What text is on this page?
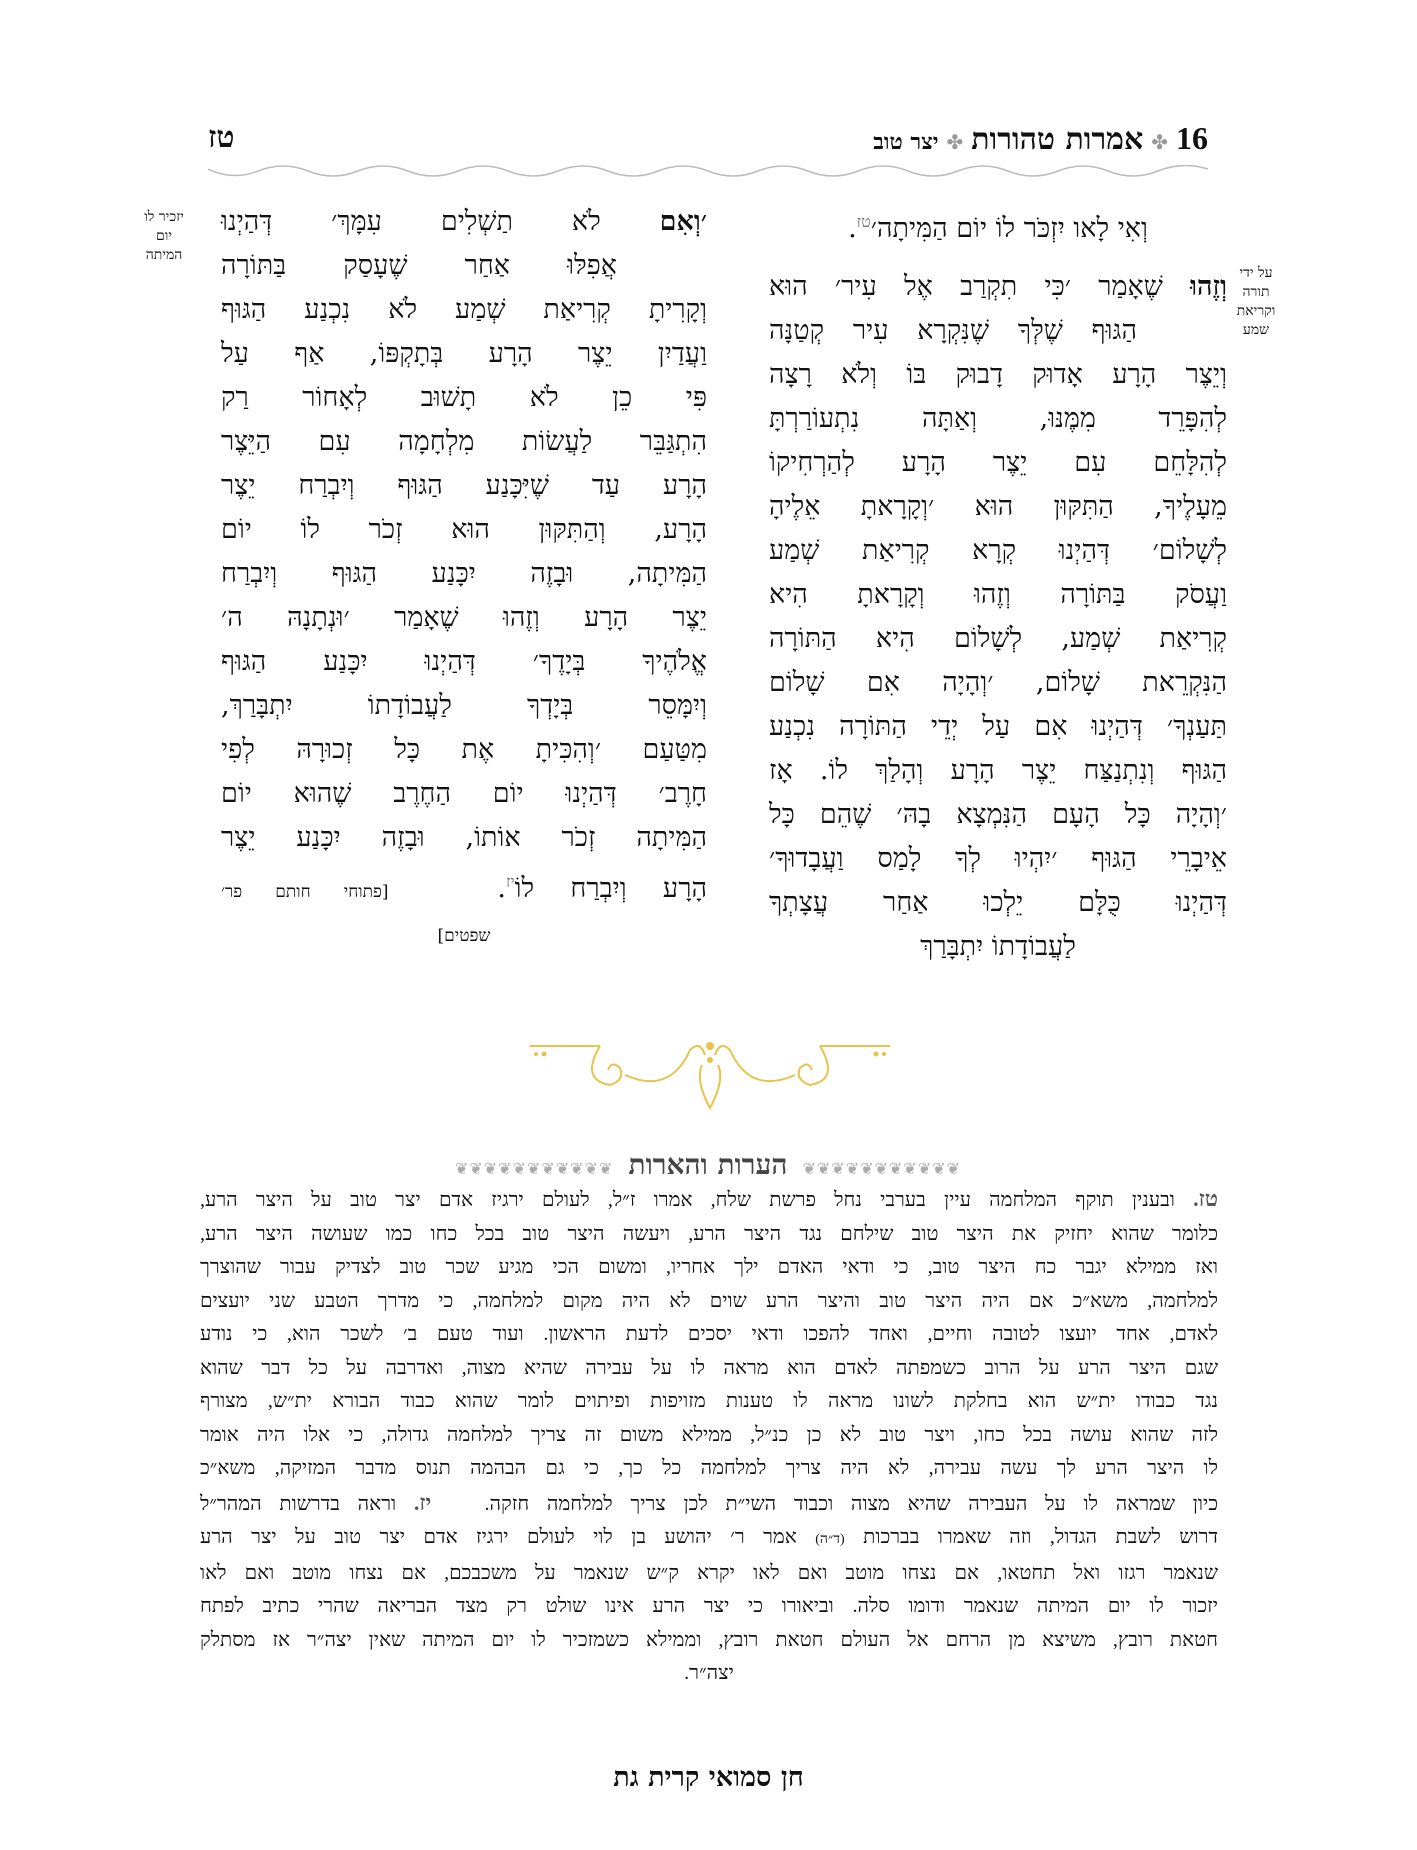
16
✤
אמרות טהורות
✤
יצר טוב
טז
על ידי
תורה
וקריאת
שמע
וְאִי לָאו יִזְכֹּר לוֹ יוֹם הַמִּיתָה׳$^{טז}$.
וְזֶהוּ שֶׁאָמַר ׳כִּי תִקְרַב אֶל עִיר׳ הוּא
הַגּוּף שֶׁלְּךָ שֶׁנִּקְרָא עִיר קְטַנָּה
וְיֵצֶר הָרָע אָדוּק דָבוּק בּוֹ וְלֹא רָצָה
לְהִפָּרֵד מִמֶּנּוּ, וְאַתָּה נִתְעוֹרַרְתָּ
לְהִלָּחֵם עִם יֵצֶר הָרָע לְהַרְחִיקוֹ
מֵעָלֶיךָ, הַתִּקּוּן הוּא ׳וְקָרָאתָ אֵלֶיהָ
לְשָׁלוֹם׳ דְּהַיְנוּ קְרָא קְרִיאַת שְׁמַע
וַעֲסֹק בַּתּוֹרָה וְזֶהוּ וְקָרָאתָ הִיא
קְרִיאַת שְׁמַע, לְשָׁלוֹם הִיא הַתּוֹרָה
הַנִּקְרֵאת שָׁלוֹם, ׳וְהָיָה אִם שָׁלוֹם
תַּעַנְךָ׳ דְּהַיְנוּ אִם עַל יְדֵי הַתּוֹרָה נִכְנַע
הַגּוּף וְנִתְנַצַּח יֵצֶר הָרָע וְהָלַךְ לוֹ. אָז
׳וְהָיָה כָּל הָעָם הַנִּמְצָא בָהּ׳ שֶׁהֵם כָּל
אֵיבָרֵי הַגּוּף ׳יִהְיוּ לְךָ לָמַס וַעֲבָדוּךָ׳
דְּהַיְנוּ כֻּלָּם יֵלְכוּ אַחַר עֲצָתְךָ
לַעֲבוֹדָתוֹ יִתְבָּרַךְ
יזכיר לו
יום
המיתה
׳וְאִם לֹא תַשְׁלִים עִמָּךְ׳ דְּהַיְנוּ
אֲפִלּוּ אַחַר שֶׁעָסַק בַּתּוֹרָה
וְקָרִיתָ קְרִיאַת שְׁמַע לֹא נִכְנַע הַגּוּף
וַעֲדַיִן יֵצֶר הָרָע בְּתָקְפּוֹ, אַף עַל
פִּי כֵן לֹא תָשׁוּב לְאָחוֹר רַק
הִתְגַּבֵּר לַעֲשׂוֹת מִלְחָמָה עִם הַיֵּצֶר
הָרָע עַד שֶׁיִּכָּנַע הַגּוּף וְיִבְרַח יֵצֶר
הָרָע, וְהַתִּקּוּן הוּא זְכֹר לוֹ יוֹם
הַמִּיתָה, וּבָזֶה יִכָּנַע הַגּוּף וְיִבְרַח
יֵצֶר הָרָע וְזֶהוּ שֶׁאָמַר ׳וּנְתָנָהּ ה׳
אֱלֹהֶיךָ בְּיָדֶךָ׳ דְּהַיְנוּ יִכָּנַע הַגּוּף
וְיִמָּסֵר בְּיָדְךָ לַעֲבוֹדָתוֹ יִתְבָּרַךְ,
מִטַּעַם ׳וְהִכִּיתָ אֶת כָּל זְכוּרָהּ לְפִי
חָרֶב׳ דְּהַיְנוּ יוֹם הַחֶרֶב שֶׁהוּא יוֹם
הַמִּיתָה זְכֹר אוֹתוֹ, וּבָזֶה יִכָּנַע יֵצֶר
הָרָע וְיִבְרַח לוֹ$^{יז}$.   [פתוחי חותם פר׳
שפטים]
❦❦❦❦❦❦❦❦❦❦❦ הערות והארות ❦❦❦❦❦❦❦❦❦❦❦
טז. ובענין תוקף המלחמה עיין בערבי נחל פרשת שלח, אמרו ז״ל, לעולם ירגיז אדם יצר טוב על היצר הרע,
כלומר שהוא יחזיק את היצר טוב שילחם נגד היצר הרע, ויעשה היצר טוב בכל כחו כמו שעושה היצר הרע,
ואז ממילא יגבר כח היצר טוב, כי ודאי האדם ילך אחריו, ומשום הכי מגיע שכר טוב לצדיק עבור שהוצרך
למלחמה, משא״כ אם היה היצר טוב והיצר הרע שוים לא היה מקום למלחמה, כי מדרך הטבע שני יועצים
לאדם, אחד יועצו לטובה וחיים, ואחד להפכו ודאי יסכים לדעת הראשון. ועוד טעם ב׳ לשכר הוא, כי נודע
שגם היצר הרע על הרוב כשמפתה לאדם הוא מראה לו על עבירה שהיא מצוה, ואדרבה על כל דבר שהוא
נגד כבודו ית״ש הוא בחלקת לשונו מראה לו טענות מזויפות ופיתוים לומר שהוא כבוד הבורא ית״ש, מצורף
לזה שהוא עושה בכל כחו, ויצר טוב לא כן כנ״ל, ממילא משום זה צריך למלחמה גדולה, כי אלו היה אומר
לו היצר הרע לך עשה עבירה, לא היה צריך למלחמה כל כך, כי גם הבהמה תנוס מדבר המזיקה, משא״כ
כיון שמראה לו על העבירה שהיא מצוה וכבוד השי״ת לכן צריך למלחמה חזקה.   יז. וראה בדרשות המהר״ל
דרוש לשבת הגדול, וזה שאמרו בברכות (ד״ה) אמר ר׳ יהושע בן לוי לעולם ירגיז אדם יצר טוב על יצר הרע
שנאמר רגזו ואל תחטאו, אם נצחו מוטב ואם לאו יקרא ק״ש שנאמר על משכבכם, אם נצחו מוטב ואם לאו
יזכור לו יום המיתה שנאמר ודומו סלה. וביאורו כי יצר הרע אינו שולט רק מצד הבריאה שהרי כתיב לפתח
חטאת רובץ, משיצא מן הרחם אל העולם חטאת רובץ, וממילא כשמזכיר לו יום המיתה שאין יצה״ר אז מסתלק
יצה״ר.
חן סמואי קרית גת
